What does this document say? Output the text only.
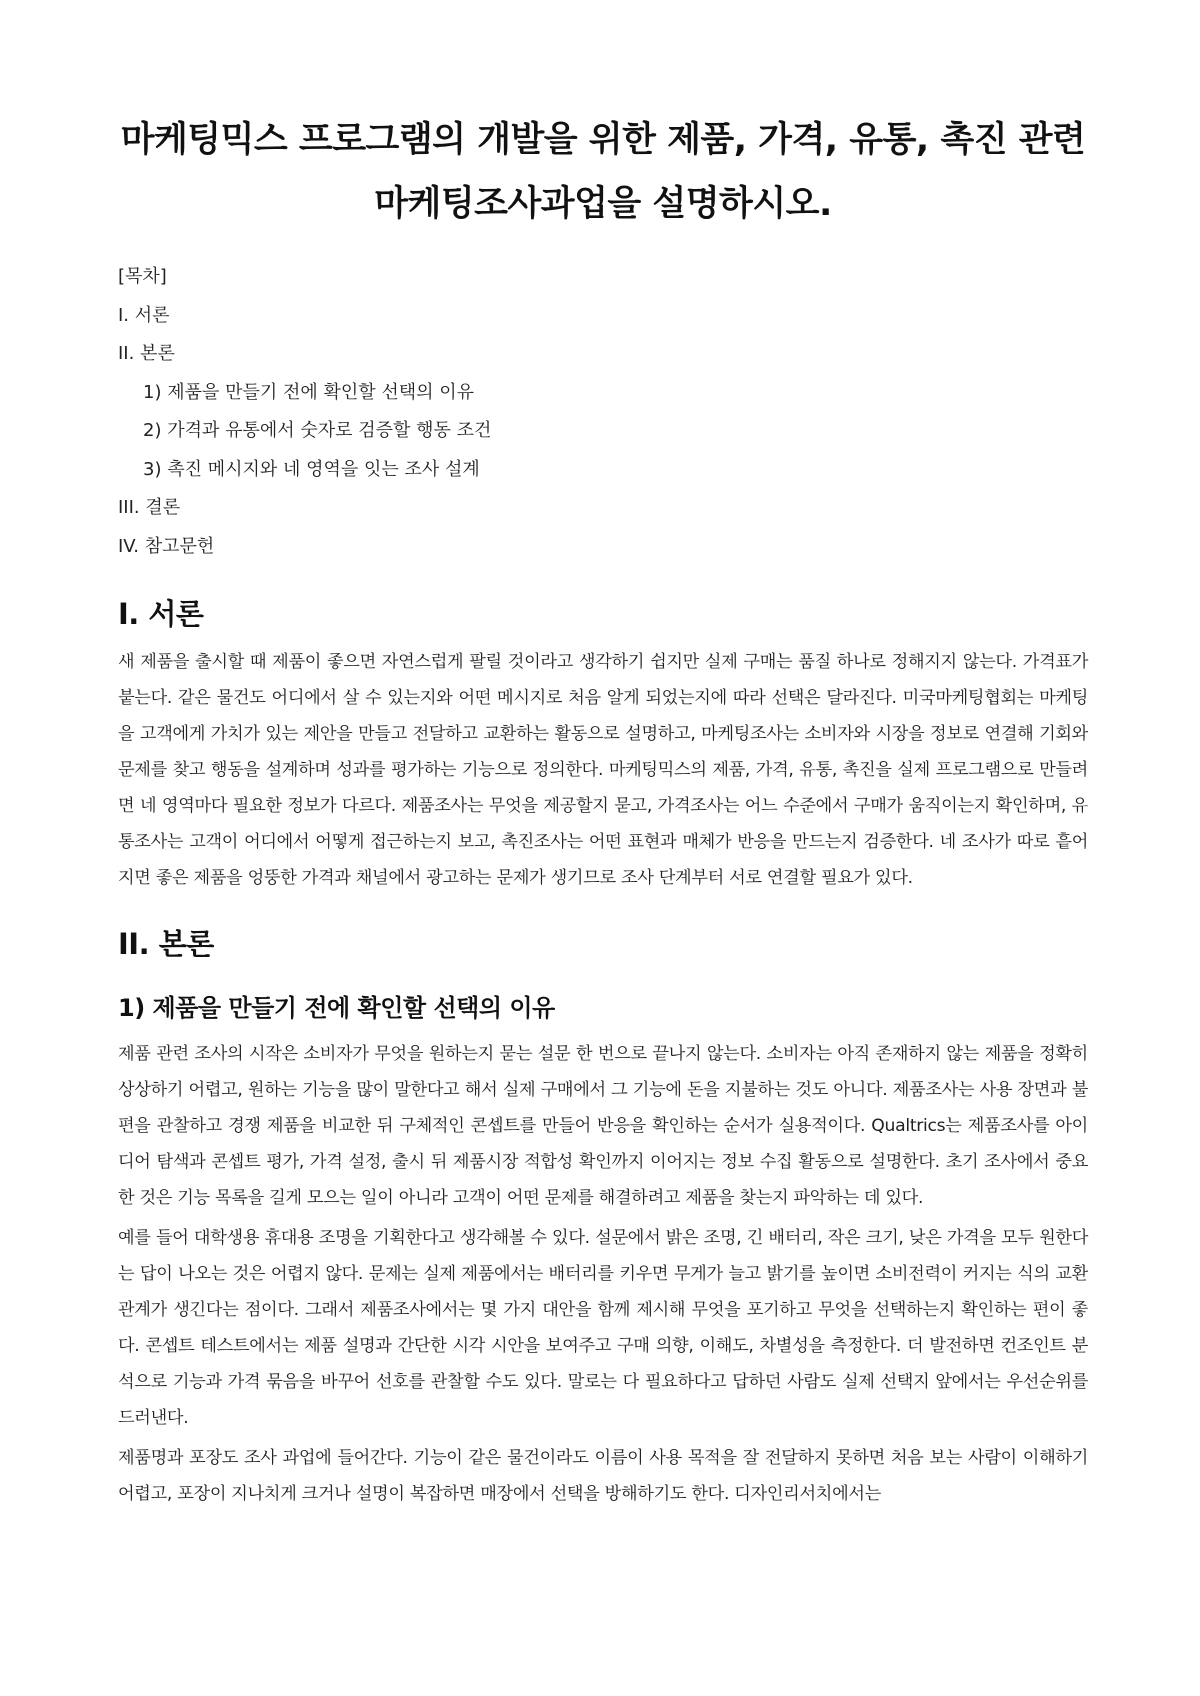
마케팅믹스 프로그램의 개발을 위한 제품, 가격, 유통, 촉진 관련 마케팅조사과업을 설명하시오.
[목차]
I. 서론
II. 본론
1) 제품을 만들기 전에 확인할 선택의 이유
2) 가격과 유통에서 숫자로 검증할 행동 조건
3) 촉진 메시지와 네 영역을 잇는 조사 설계
III. 결론
IV. 참고문헌
I. 서론

새 제품을 출시할 때 제품이 좋으면 자연스럽게 팔릴 것이라고 생각하기 쉽지만 실제 구매는 품질 하나로 정해지지 않는다. 가격표가 붙는다. 같은 물건도 어디에서 살 수 있는지와 어떤 메시지로 처음 알게 되었는지에 따라 선택은 달라진다. 미국마케팅협회는 마케팅을 고객에게 가치가 있는 제안을 만들고 전달하고 교환하는 활동으로 설명하고, 마케팅조사는 소비자와 시장을 정보로 연결해 기회와 문제를 찾고 행동을 설계하며 성과를 평가하는 기능으로 정의한다. 마케팅믹스의 제품, 가격, 유통, 촉진을 실제 프로그램으로 만들려면 네 영역마다 필요한 정보가 다르다. 제품조사는 무엇을 제공할지 묻고, 가격조사는 어느 수준에서 구매가 움직이는지 확인하며, 유통조사는 고객이 어디에서 어떻게 접근하는지 보고, 촉진조사는 어떤 표현과 매체가 반응을 만드는지 검증한다. 네 조사가 따로 흩어지면 좋은 제품을 엉뚱한 가격과 채널에서 광고하는 문제가 생기므로 조사 단계부터 서로 연결할 필요가 있다.

II. 본론
1) 제품을 만들기 전에 확인할 선택의 이유

제품 관련 조사의 시작은 소비자가 무엇을 원하는지 묻는 설문 한 번으로 끝나지 않는다. 소비자는 아직 존재하지 않는 제품을 정확히 상상하기 어렵고, 원하는 기능을 많이 말한다고 해서 실제 구매에서 그 기능에 돈을 지불하는 것도 아니다. 제품조사는 사용 장면과 불편을 관찰하고 경쟁 제품을 비교한 뒤 구체적인 콘셉트를 만들어 반응을 확인하는 순서가 실용적이다. Qualtrics는 제품조사를 아이디어 탐색과 콘셉트 평가, 가격 설정, 출시 뒤 제품시장 적합성 확인까지 이어지는 정보 수집 활동으로 설명한다. 초기 조사에서 중요한 것은 기능 목록을 길게 모으는 일이 아니라 고객이 어떤 문제를 해결하려고 제품을 찾는지 파악하는 데 있다.

예를 들어 대학생용 휴대용 조명을 기획한다고 생각해볼 수 있다. 설문에서 밝은 조명, 긴 배터리, 작은 크기, 낮은 가격을 모두 원한다는 답이 나오는 것은 어렵지 않다. 문제는 실제 제품에서는 배터리를 키우면 무게가 늘고 밝기를 높이면 소비전력이 커지는 식의 교환 관계가 생긴다는 점이다. 그래서 제품조사에서는 몇 가지 대안을 함께 제시해 무엇을 포기하고 무엇을 선택하는지 확인하는 편이 좋다. 콘셉트 테스트에서는 제품 설명과 간단한 시각 시안을 보여주고 구매 의향, 이해도, 차별성을 측정한다. 더 발전하면 컨조인트 분석으로 기능과 가격 묶음을 바꾸어 선호를 관찰할 수도 있다. 말로는 다 필요하다고 답하던 사람도 실제 선택지 앞에서는 우선순위를 드러낸다.

제품명과 포장도 조사 과업에 들어간다. 기능이 같은 물건이라도 이름이 사용 목적을 잘 전달하지 못하면 처음 보는 사람이 이해하기 어렵고, 포장이 지나치게 크거나 설명이 복잡하면 매장에서 선택을 방해하기도 한다. 디자인리서치에서는
